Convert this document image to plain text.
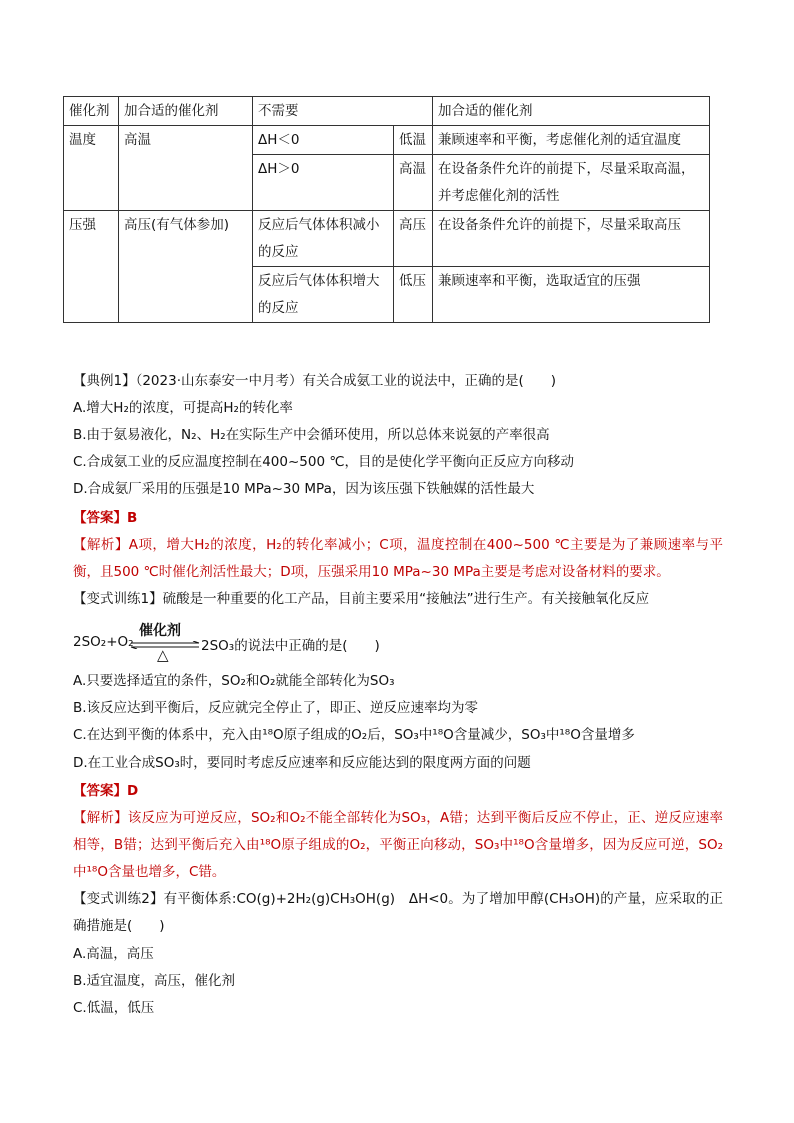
催化剂	加合适的催化剂	不需要		加合适的催化剂
温度	高温	ΔH＜0	低温	兼顾速率和平衡，考虑催化剂的适宜温度
		ΔH＞0	高温	在设备条件允许的前提下，尽量采取高温，并考虑催化剂的活性
压强	高压(有气体参加)	反应后气体体积减小的反应	高压	在设备条件允许的前提下，尽量采取高压
		反应后气体体积增大的反应	低压	兼顾速率和平衡，选取适宜的压强
【典例1】（2023·山东泰安一中月考）有关合成氨工业的说法中，正确的是(　　)
A.增大H₂的浓度，可提高H₂的转化率
B.由于氨易液化，N₂、H₂在实际生产中会循环使用，所以总体来说氨的产率很高
C.合成氨工业的反应温度控制在400~500 ℃，目的是使化学平衡向正反应方向移动
D.合成氨厂采用的压强是10 MPa~30 MPa，因为该压强下铁触媒的活性最大
【答案】B
【解析】A项，增大H₂的浓度，H₂的转化率减小；C项，温度控制在400~500 ℃主要是为了兼顾速率与平衡，且500 ℃时催化剂活性最大；D项，压强采用10 MPa~30 MPa主要是考虑对设备材料的要求。
【变式训练1】硫酸是一种重要的化工产品，目前主要采用“接触法”进行生产。有关接触氧化反应
2SO₂+O₂
催化剂
△ 2SO₃的说法中正确的是(　　)
A.只要选择适宜的条件，SO₂和O₂就能全部转化为SO₃
B.该反应达到平衡后，反应就完全停止了，即正、逆反应速率均为零
C.在达到平衡的体系中，充入由¹⁸O原子组成的O₂后，SO₃中¹⁸O含量减少，SO₃中¹⁸O含量增多
D.在工业合成SO₃时，要同时考虑反应速率和反应能达到的限度两方面的问题
【答案】D
【解析】该反应为可逆反应，SO₂和O₂不能全部转化为SO₃，A错；达到平衡后反应不停止，正、逆反应速率相等，B错；达到平衡后充入由¹⁸O原子组成的O₂，平衡正向移动，SO₃中¹⁸O含量增多，因为反应可逆，SO₂中¹⁸O含量也增多，C错。
【变式训练2】有平衡体系:CO(g)+2H₂(g)CH₃OH(g)　ΔH<0。为了增加甲醇(CH₃OH)的产量，应采取的正确措施是(　　)
A.高温，高压
B.适宜温度，高压，催化剂
C.低温，低压
